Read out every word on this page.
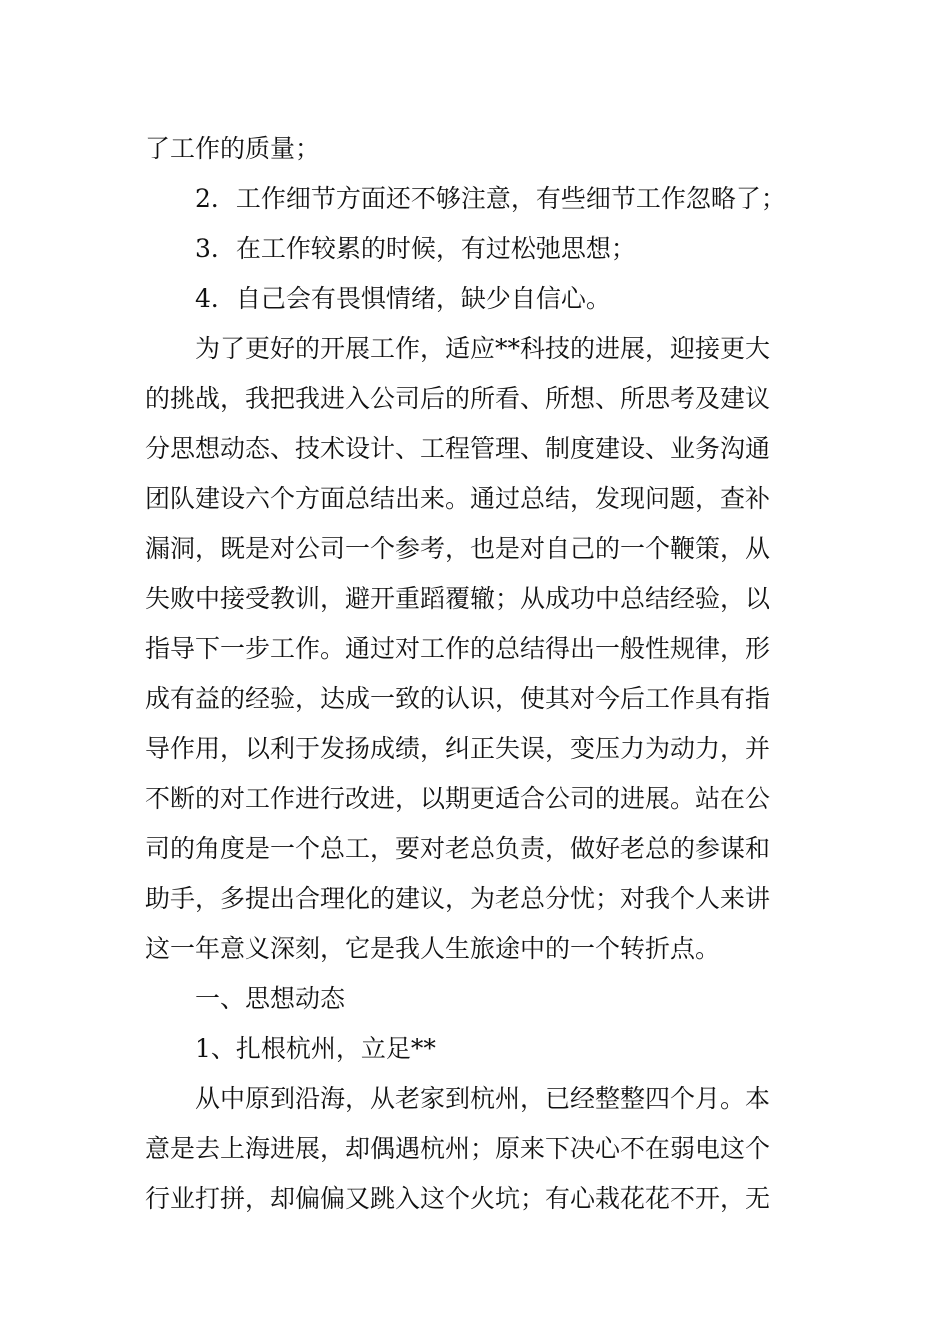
了工作的质量；
2．工作细节方面还不够注意，有些细节工作忽略了；
3．在工作较累的时候，有过松弛思想；
4．自己会有畏惧情绪，缺少自信心。
为了更好的开展工作，适应**科技的进展，迎接更大
的挑战，我把我进入公司后的所看、所想、所思考及建议
分思想动态、技术设计、工程管理、制度建设、业务沟通
团队建设六个方面总结出来。通过总结，发现问题，查补
漏洞，既是对公司一个参考，也是对自己的一个鞭策，从
失败中接受教训，避开重蹈覆辙；从成功中总结经验，以
指导下一步工作。通过对工作的总结得出一般性规律，形
成有益的经验，达成一致的认识，使其对今后工作具有指
导作用，以利于发扬成绩，纠正失误，变压力为动力，并
不断的对工作进行改进，以期更适合公司的进展。站在公
司的角度是一个总工，要对老总负责，做好老总的参谋和
助手，多提出合理化的建议，为老总分忧；对我个人来讲
这一年意义深刻，它是我人生旅途中的一个转折点。
一、思想动态
1、扎根杭州，立足**
从中原到沿海，从老家到杭州，已经整整四个月。本
意是去上海进展，却偶遇杭州；原来下决心不在弱电这个
行业打拼，却偏偏又跳入这个火坑；有心栽花花不开，无
